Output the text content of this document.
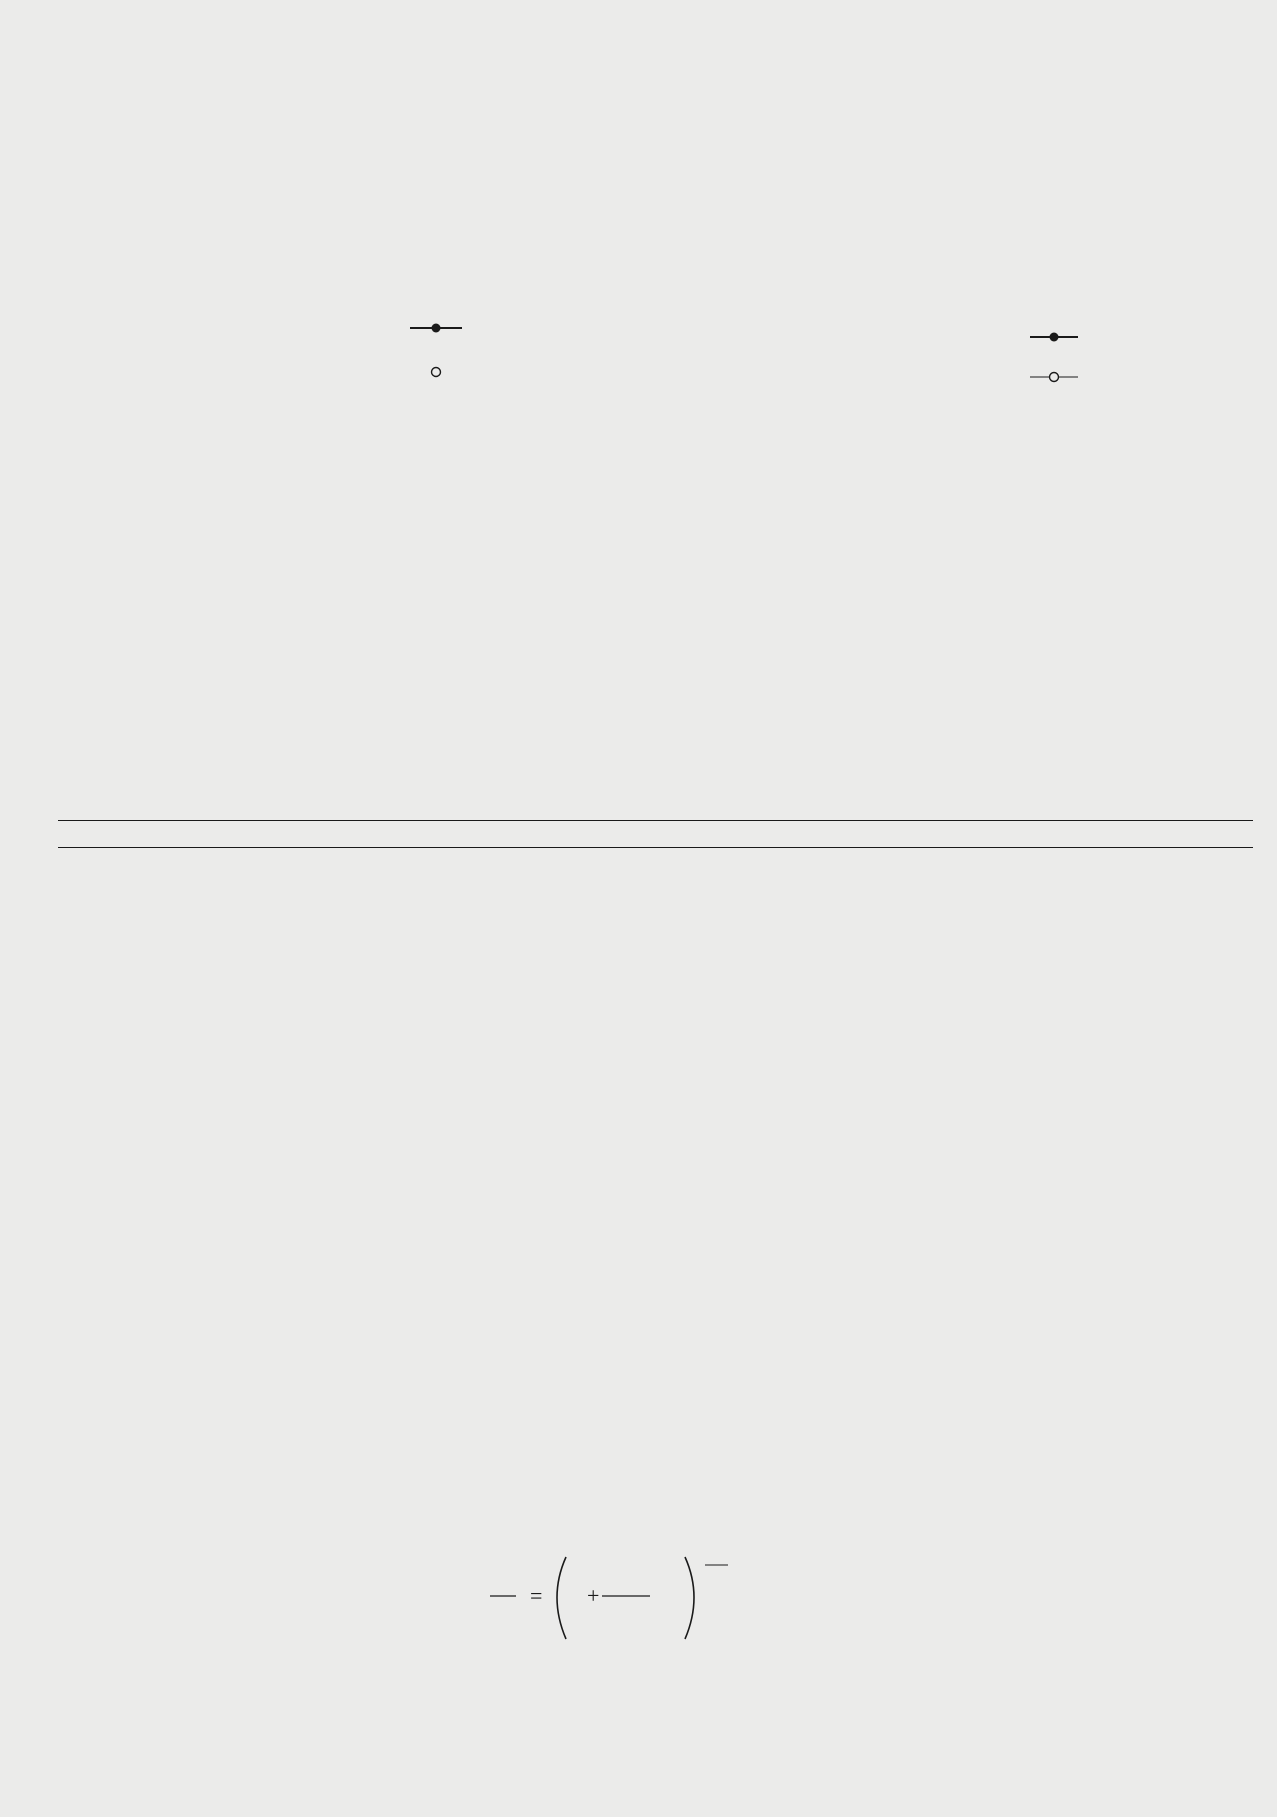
= +
